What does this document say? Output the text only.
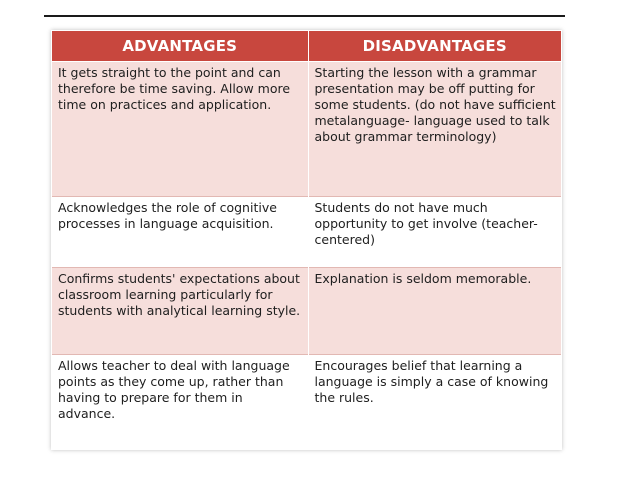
ADVANTAGES	DISADVANTAGES
It gets straight to the point and can therefore be time saving. Allow more time on practices and application.	Starting the lesson with a grammar presentation may be off putting for some students. (do not have sufficient metalanguage- language used to talk about grammar terminology)
Acknowledges the role of cognitive processes in language acquisition.	Students do not have much opportunity to get involve (teacher-centered)
Confirms students' expectations about classroom learning particularly for students with analytical learning style.	Explanation is seldom memorable.
Allows teacher to deal with language points as they come up, rather than having to prepare for them in advance.	Encourages belief that learning a language is simply a case of knowing the rules.
